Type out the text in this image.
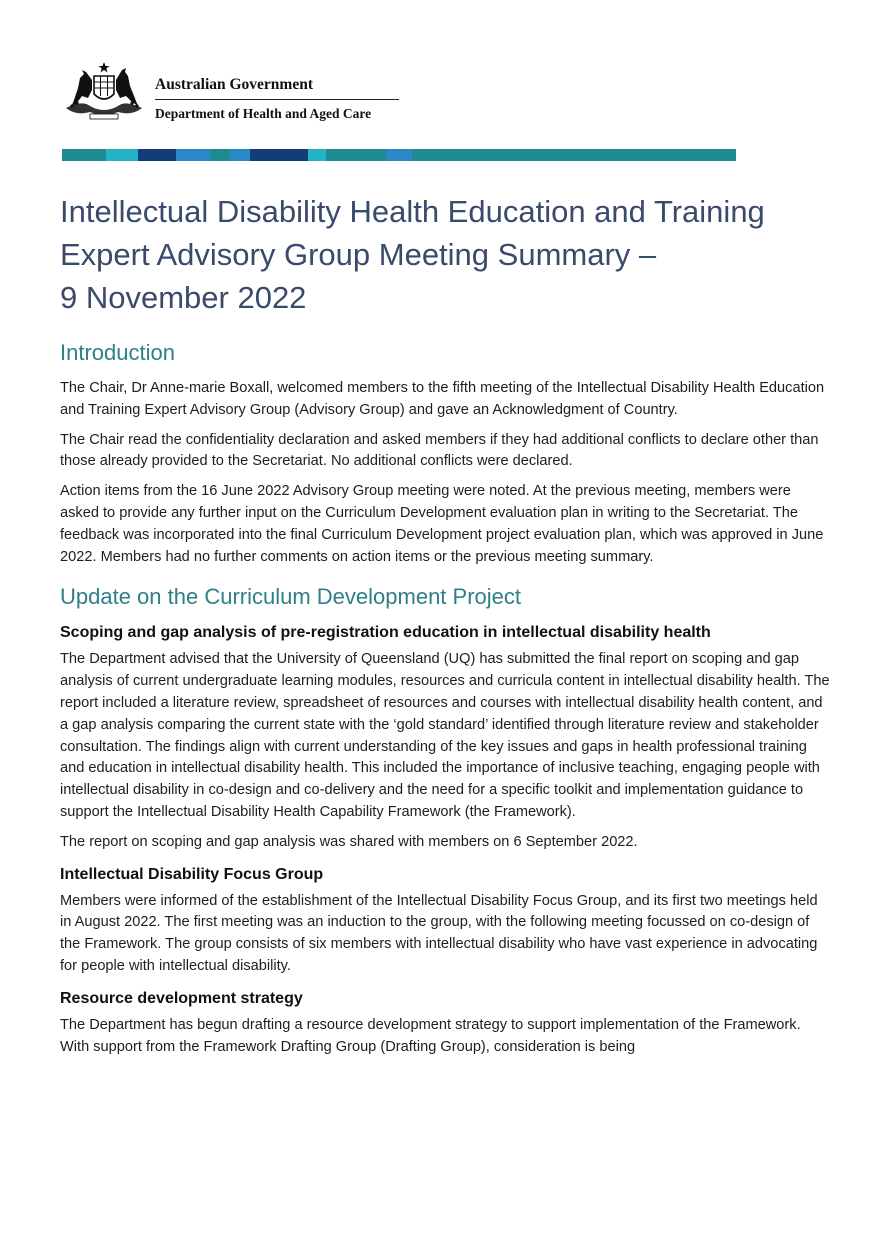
Australian Government
Department of Health and Aged Care
Intellectual Disability Health Education and Training
Expert Advisory Group Meeting Summary –
9 November 2022
Introduction

The Chair, Dr Anne-marie Boxall, welcomed members to the fifth meeting of the Intellectual Disability Health Education and Training Expert Advisory Group (Advisory Group) and gave an Acknowledgment of Country.

The Chair read the confidentiality declaration and asked members if they had additional conflicts to declare other than those already provided to the Secretariat. No additional conflicts were declared.

Action items from the 16 June 2022 Advisory Group meeting were noted. At the previous meeting, members were asked to provide any further input on the Curriculum Development evaluation plan in writing to the Secretariat. The feedback was incorporated into the final Curriculum Development project evaluation plan, which was approved in June 2022. Members had no further comments on action items or the previous meeting summary.

Update on the Curriculum Development Project
Scoping and gap analysis of pre-registration education in intellectual disability health

The Department advised that the University of Queensland (UQ) has submitted the final report on scoping and gap analysis of current undergraduate learning modules, resources and curricula content in intellectual disability health. The report included a literature review, spreadsheet of resources and courses with intellectual disability health content, and a gap analysis comparing the current state with the ‘gold standard’ identified through literature review and stakeholder consultation. The findings align with current understanding of the key issues and gaps in health professional training and education in intellectual disability health. This included the importance of inclusive teaching, engaging people with intellectual disability in co-design and co-delivery and the need for a specific toolkit and implementation guidance to support the Intellectual Disability Health Capability Framework (the Framework).

The report on scoping and gap analysis was shared with members on 6 September 2022.

Intellectual Disability Focus Group

Members were informed of the establishment of the Intellectual Disability Focus Group, and its first two meetings held in August 2022. The first meeting was an induction to the group, with the following meeting focussed on co-design of the Framework. The group consists of six members with intellectual disability who have vast experience in advocating for people with intellectual disability.

Resource development strategy

The Department has begun drafting a resource development strategy to support implementation of the Framework. With support from the Framework Drafting Group (Drafting Group), consideration is being
